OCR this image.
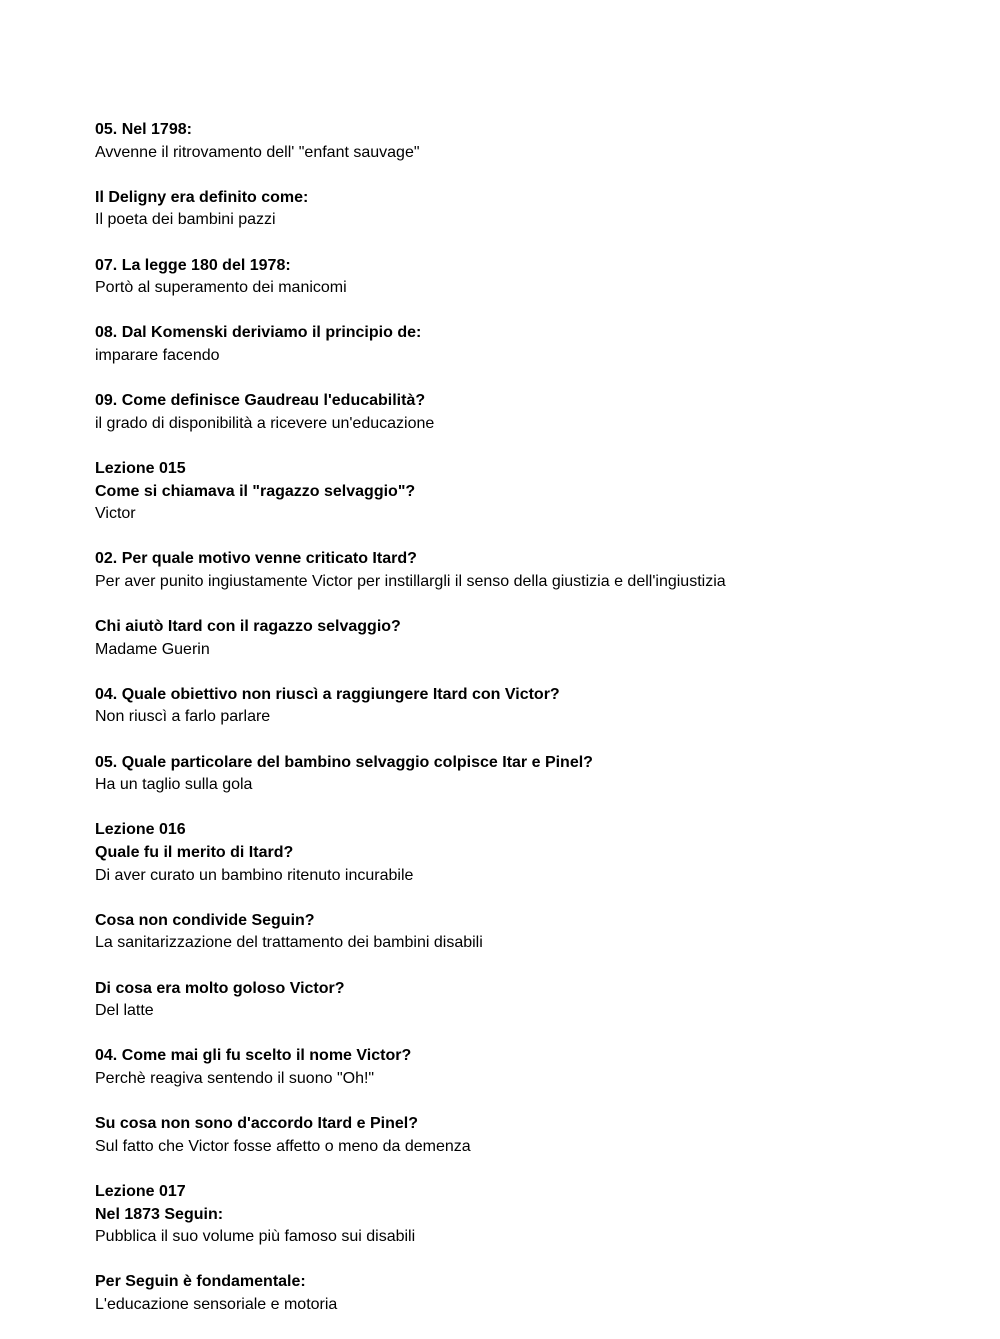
05. Nel 1798:
Avvenne il ritrovamento dell' "enfant sauvage"
Il Deligny era definito come:
Il poeta dei bambini pazzi
07. La legge 180 del 1978:
Portò al superamento dei manicomi
08. Dal Komenski deriviamo il principio de:
imparare facendo
09. Come definisce Gaudreau l'educabilità?
il grado di disponibilità a ricevere un'educazione
Lezione 015
Come si chiamava il "ragazzo selvaggio"?
Victor
02. Per quale motivo venne criticato Itard?
Per aver punito ingiustamente Victor per instillargli il senso della giustizia e dell'ingiustizia
Chi aiutò Itard con il ragazzo selvaggio?
Madame Guerin
04. Quale obiettivo non riuscì a raggiungere Itard con Victor?
Non riuscì a farlo parlare
05. Quale particolare del bambino selvaggio colpisce Itar e Pinel?
Ha un taglio sulla gola
Lezione 016
Quale fu il merito di Itard?
Di aver curato un bambino ritenuto incurabile
Cosa non condivide Seguin?
La sanitarizzazione del trattamento dei bambini disabili
Di cosa era molto goloso Victor?
Del latte
04. Come mai gli fu scelto il nome Victor?
Perchè reagiva sentendo il suono "Oh!"
Su cosa non sono d'accordo Itard e Pinel?
Sul fatto che Victor fosse affetto o meno da demenza
Lezione 017
Nel 1873 Seguin:
Pubblica il suo volume più famoso sui disabili
Per Seguin è fondamentale:
L'educazione sensoriale e motoria
